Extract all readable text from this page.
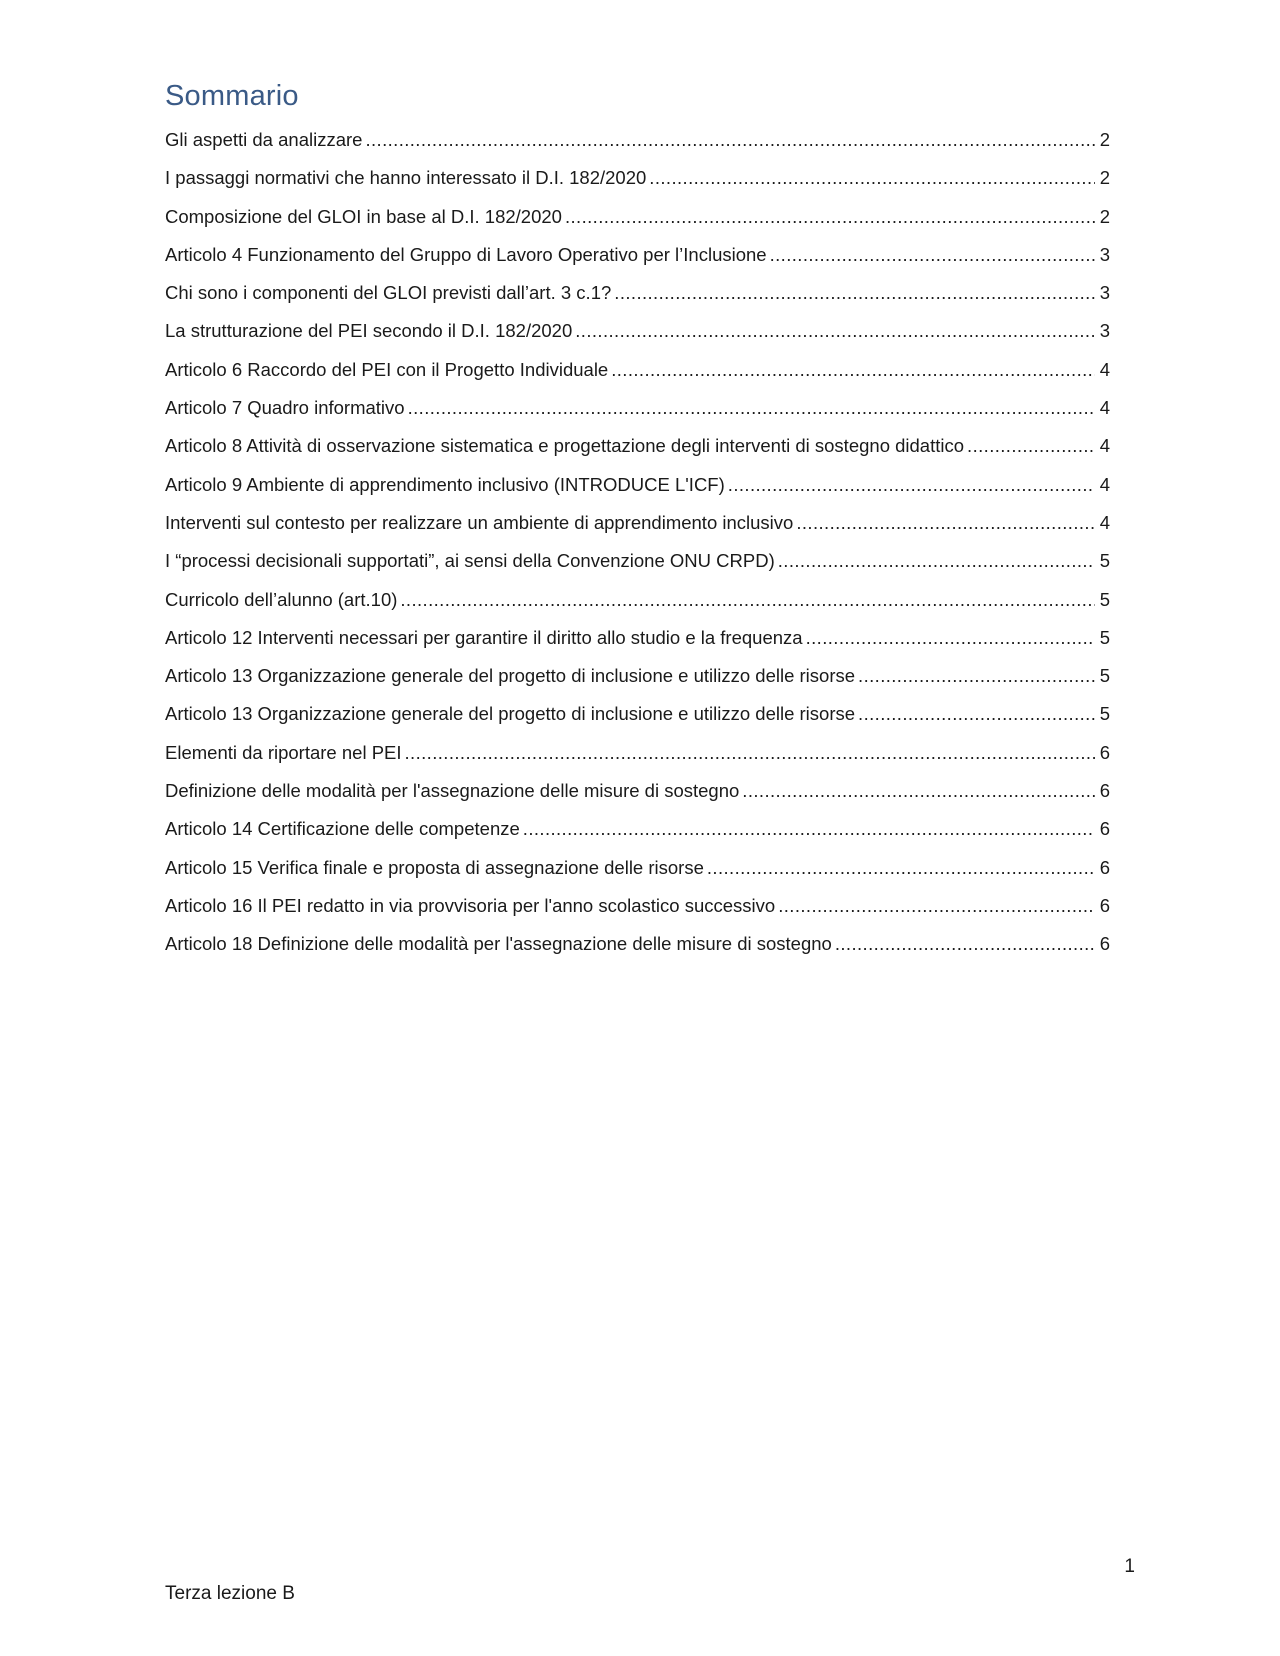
Sommario
Gli aspetti da analizzare .....	2
I passaggi normativi che hanno interessato il D.I. 182/2020 .....	2
Composizione del GLOI in base al D.I. 182/2020 .....	2
Articolo 4 Funzionamento del Gruppo di Lavoro Operativo per l’Inclusione .....	3
Chi sono i componenti del GLOI previsti dall’art. 3 c.1? .....	3
La strutturazione del PEI secondo il D.I. 182/2020 .....	3
Articolo 6 Raccordo del PEI con il Progetto Individuale .....	4
Articolo 7 Quadro informativo .....	4
Articolo 8 Attività di osservazione sistematica e progettazione degli interventi di sostegno didattico .....	4
Articolo 9 Ambiente di apprendimento inclusivo (INTRODUCE L'ICF) .....	4
Interventi sul contesto per realizzare un ambiente di apprendimento inclusivo .....	4
I “processi decisionali supportati”, ai sensi della Convenzione ONU CRPD) .....	5
Curricolo dell’alunno (art.10) .....	5
Articolo 12 Interventi necessari per garantire il diritto allo studio e la frequenza .....	5
Articolo 13 Organizzazione generale del progetto di inclusione e utilizzo delle risorse .....	5
Articolo 13 Organizzazione generale del progetto di inclusione e utilizzo delle risorse .....	5
Elementi da riportare nel PEI .....	6
Definizione delle modalità per l'assegnazione delle misure di sostegno .....	6
Articolo 14 Certificazione delle competenze .....	6
Articolo 15 Verifica finale e proposta di assegnazione delle risorse .....	6
Articolo 16 Il PEI redatto in via provvisoria per l'anno scolastico successivo .....	6
Articolo 18 Definizione delle modalità per l'assegnazione delle misure di sostegno .....	6
1
Terza lezione B
